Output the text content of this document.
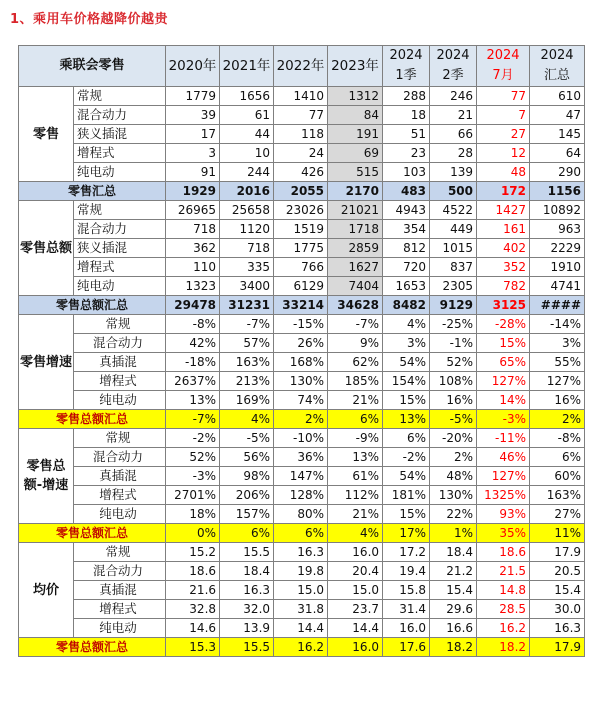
1、乘用车价格越降价越贵
乘联会零售		2020年	2021年	2022年	2023年	2024	2024	2024	2024
						1季	2季	7月	汇总
零售	常规	1779	1656	1410	1312	288	246	77	610
	混合动力	39	61	77	84	18	21	7	47
	狭义插混	17	44	118	191	51	66	27	145
	增程式	3	10	24	69	23	28	12	64
	纯电动	91	244	426	515	103	139	48	290
零售汇总		1929	2016	2055	2170	483	500	172	1156
零售总额	常规	26965	25658	23026	21021	4943	4522	1427	10892
	混合动力	718	1120	1519	1718	354	449	161	963
	狭义插混	362	718	1775	2859	812	1015	402	2229
	增程式	110	335	766	1627	720	837	352	1910
	纯电动	1323	3400	6129	7404	1653	2305	782	4741
零售总额汇总		29478	31231	33214	34628	8482	9129	3125	####
零售增速	常规	-8%	-7%	-15%	-7%	4%	-25%	-28%	-14%
	混合动力	42%	57%	26%	9%	3%	-1%	15%	3%
	真插混	-18%	163%	168%	62%	54%	52%	65%	55%
	增程式	2637%	213%	130%	185%	154%	108%	127%	127%
	纯电动	13%	169%	74%	21%	15%	16%	14%	16%
零售总额汇总		-7%	4%	2%	6%	13%	-5%	-3%	2%
零售总额-增速	常规	-2%	-5%	-10%	-9%	6%	-20%	-11%	-8%
	混合动力	52%	56%	36%	13%	-2%	2%	46%	6%
	真插混	-3%	98%	147%	61%	54%	48%	127%	60%
	增程式	2701%	206%	128%	112%	181%	130%	1325%	163%
	纯电动	18%	157%	80%	21%	15%	22%	93%	27%
零售总额汇总		0%	6%	6%	4%	17%	1%	35%	11%
均价	常规	15.2	15.5	16.3	16.0	17.2	18.4	18.6	17.9
	混合动力	18.6	18.4	19.8	20.4	19.4	21.2	21.5	20.5
	真插混	21.6	16.3	15.0	15.0	15.8	15.4	14.8	15.4
	增程式	32.8	32.0	31.8	23.7	31.4	29.6	28.5	30.0
	纯电动	14.6	13.9	14.4	14.4	16.0	16.6	16.2	16.3
零售总额汇总		15.3	15.5	16.2	16.0	17.6	18.2	18.2	17.9
